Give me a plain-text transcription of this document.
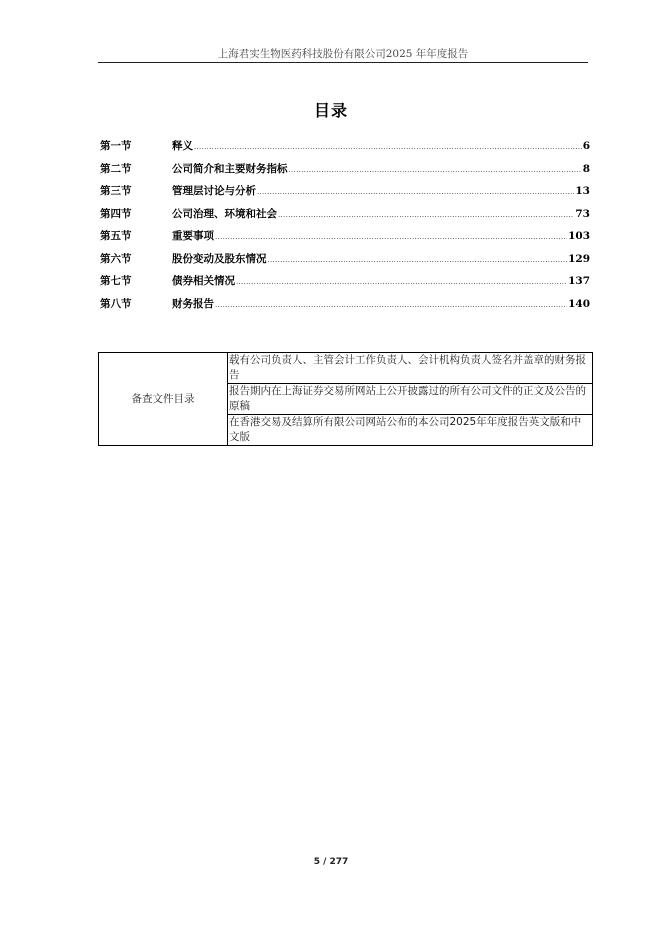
上海君实生物医药科技股份有限公司2025 年年度报告
目录
第一节	释义 .....	6
第二节	公司简介和主要财务指标 .....	8
第三节	管理层讨论与分析 .....	13
第四节	公司治理、环境和社会 .....	73
第五节	重要事项 .....	103
第六节	股份变动及股东情况 .....	129
第七节	债券相关情况 .....	137
第八节	财务报告 .....	140
备查文件目录	载有公司负责人、主管会计工作负责人、会计机构负责人签名并盖章的财务报告
报告期内在上海证券交易所网站上公开披露过的所有公司文件的正文及公告的原稿
在香港交易及结算所有限公司网站公布的本公司2025年年度报告英文版和中文版
5 / 277
